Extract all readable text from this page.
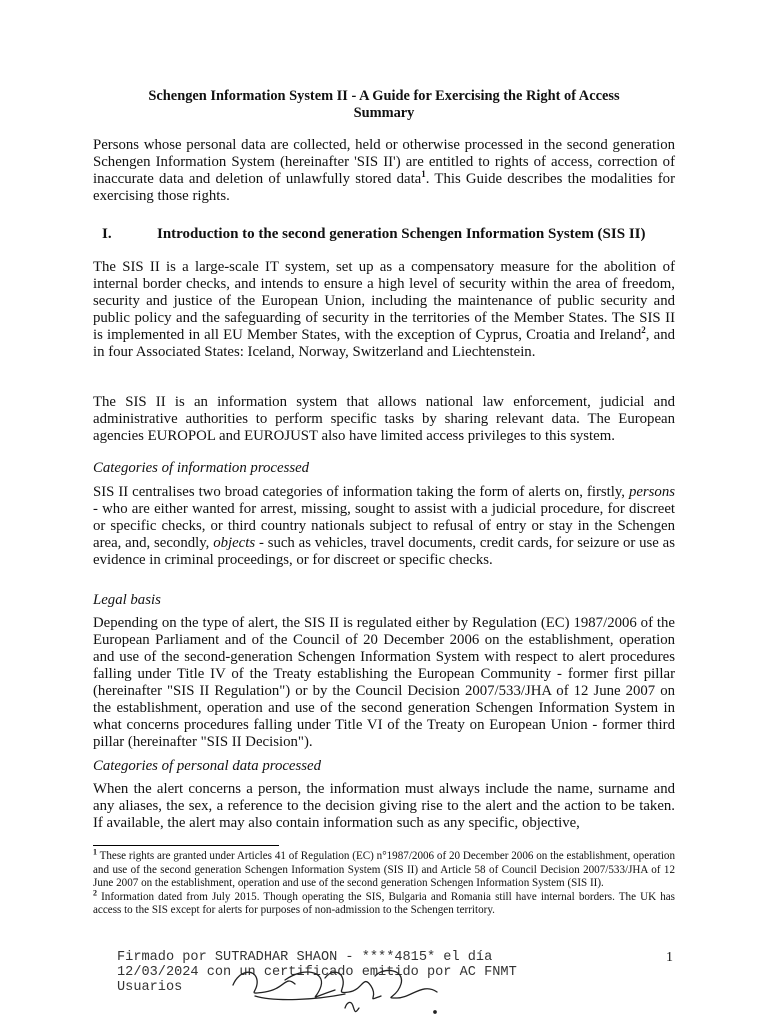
Schengen Information System II - A Guide for Exercising the Right of Access
Summary

Persons whose personal data are collected, held or otherwise processed in the second generation Schengen Information System (hereinafter 'SIS II') are entitled to rights of access, correction of inaccurate data and deletion of unlawfully stored data$^1$. This Guide describes the modalities for exercising those rights.

I.	Introduction to the second generation Schengen Information System (SIS II)

The SIS II is a large-scale IT system, set up as a compensatory measure for the abolition of internal border checks, and intends to ensure a high level of security within the area of freedom, security and justice of the European Union, including the maintenance of public security and public policy and the safeguarding of security in the territories of the Member States. The SIS II is implemented in all EU Member States, with the exception of Cyprus, Croatia and Ireland$^2$, and in four Associated States: Iceland, Norway, Switzerland and Liechtenstein.

The SIS II is an information system that allows national law enforcement, judicial and administrative authorities to perform specific tasks by sharing relevant data. The European agencies EUROPOL and EUROJUST also have limited access privileges to this system.

Categories of information processed

SIS II centralises two broad categories of information taking the form of alerts on, firstly, persons - who are either wanted for arrest, missing, sought to assist with a judicial procedure, for discreet or specific checks, or third country nationals subject to refusal of entry or stay in the Schengen area, and, secondly, objects - such as vehicles, travel documents, credit cards, for seizure or use as evidence in criminal proceedings, or for discreet or specific checks.

Legal basis

Depending on the type of alert, the SIS II is regulated either by Regulation (EC) 1987/2006 of the European Parliament and of the Council of 20 December 2006 on the establishment, operation and use of the second-generation Schengen Information System with respect to alert procedures falling under Title IV of the Treaty establishing the European Community - former first pillar (hereinafter "SIS II Regulation") or by the Council Decision 2007/533/JHA of 12 June 2007 on the establishment, operation and use of the second generation Schengen Information System in what concerns procedures falling under Title VI of the Treaty on European Union - former third pillar (hereinafter "SIS II Decision").

Categories of personal data processed

When the alert concerns a person, the information must always include the name, surname and any aliases, the sex, a reference to the decision giving rise to the alert and the action to be taken. If available, the alert may also contain information such as any specific, objective,

$^1$ These rights are granted under Articles 41 of Regulation (EC) n°1987/2006 of 20 December 2006 on the establishment, operation and use of the second generation Schengen Information System (SIS II) and Article 58 of Council Decision 2007/533/JHA of 12 June 2007 on the establishment, operation and use of the second generation Schengen Information System (SIS II).
$^2$ Information dated from July 2015. Though operating the SIS, Bulgaria and Romania still have internal borders. The UK has access to the SIS except for alerts for purposes of non-admission to the Schengen territory.
1
Firmado por SUTRADHAR SHAON - ****4815* el día
12/03/2024 con un certificado emitido por AC FNMT
Usuarios
